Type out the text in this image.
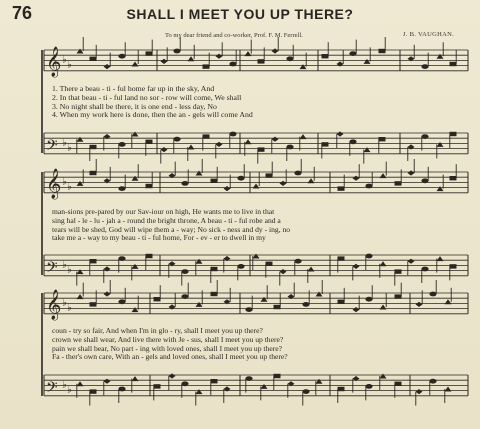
76	SHALL I MEET YOU UP THERE?
To my dear friend and co-worker, Prof. F. M. Ferrell.	J. B. VAUGHAN.
𝄞 ♭ ♭
𝄢 ♭ ♭
𝄞 ♭ ♭
𝄢 ♭ ♭
𝄞 ♭ ♭
𝄢 ♭ ♭
1. There a beau - ti - ful home far up in the sky, And
2. In that beau - ti - ful land no sor - row will come, We shall
3. No night shall be there, it is one end - less day, No
4. When my work here is done, then the an - gels will come And
man-sions pre-pared by our Sav-iour on high, He wants me to live in that
sing hal - le - lu - jah a - round the bright throne, A beau - ti - ful robe and a
tears will be shed, God will wipe them a - way; No sick - ness and dy - ing, no
take me a - way to my beau - ti - ful home, For - ev - er to dwell in my
coun - try so fair, And when I'm in glo - ry, shall I meet you up there?
crown we shall wear, And live there with Je - sus, shall I meet you up there?
pain we shall bear, No part - ing with loved ones, shall I meet you up there?
Fa - ther's own care, With an - gels and loved ones, shall I meet you up there?
